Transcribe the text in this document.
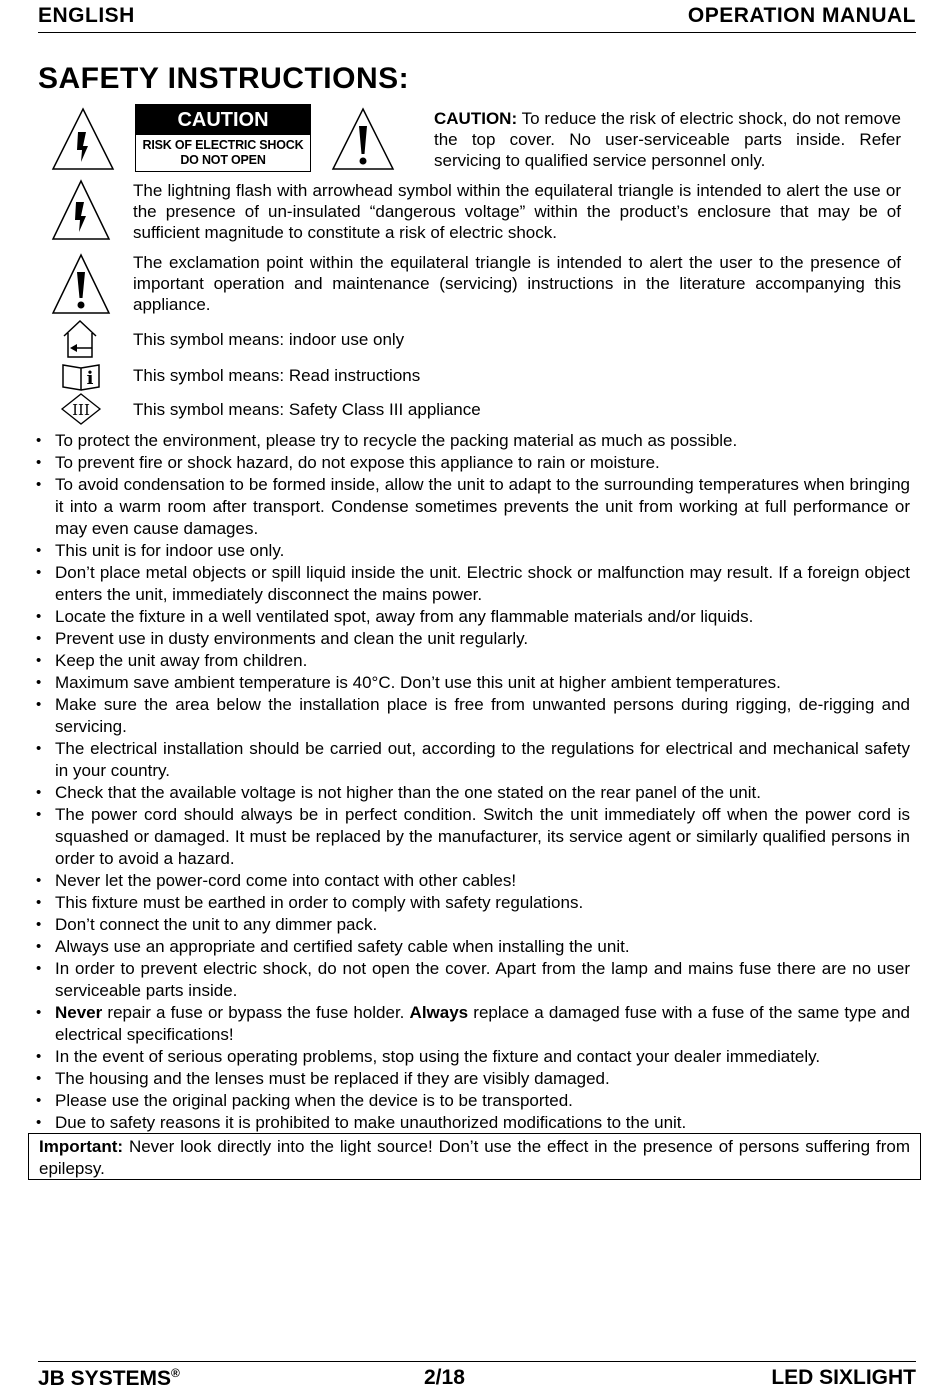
ENGLISH	OPERATION MANUAL
SAFETY INSTRUCTIONS:
CAUTION
RISK OF ELECTRIC SHOCK
DO NOT OPEN
CAUTION: To reduce the risk of electric shock, do not remove the top cover. No user-serviceable parts inside. Refer servicing to qualified service personnel only.
The lightning flash with arrowhead symbol within the equilateral triangle is intended to alert the use or the presence of un-insulated “dangerous voltage” within the product’s enclosure that may be of sufficient magnitude to constitute a risk of electric shock.
The exclamation point within the equilateral triangle is intended to alert the user to the presence of important operation and maintenance (servicing) instructions in the literature accompanying this appliance.
This symbol means: indoor use only
i This symbol means: Read instructions
III	This symbol means: Safety Class III appliance
• To protect the environment, please try to recycle the packing material as much as possible.
• To prevent fire or shock hazard, do not expose this appliance to rain or moisture.
• To avoid condensation to be formed inside, allow the unit to adapt to the surrounding temperatures when bringing it into a warm room after transport. Condense sometimes prevents the unit from working at full performance or may even cause damages.
• This unit is for indoor use only.
• Don’t place metal objects or spill liquid inside the unit. Electric shock or malfunction may result. If a foreign object enters the unit, immediately disconnect the mains power.
• Locate the fixture in a well ventilated spot, away from any flammable materials and/or liquids.
• Prevent use in dusty environments and clean the unit regularly.
• Keep the unit away from children.
• Maximum save ambient temperature is 40°C. Don’t use this unit at higher ambient temperatures.
• Make sure the area below the installation place is free from unwanted persons during rigging, de-rigging and servicing.
• The electrical installation should be carried out, according to the regulations for electrical and mechanical safety in your country.
• Check that the available voltage is not higher than the one stated on the rear panel of the unit.
• The power cord should always be in perfect condition. Switch the unit immediately off when the power cord is squashed or damaged. It must be replaced by the manufacturer, its service agent or similarly qualified persons in order to avoid a hazard.
• Never let the power-cord come into contact with other cables!
• This fixture must be earthed in order to comply with safety regulations.
• Don’t connect the unit to any dimmer pack.
• Always use an appropriate and certified safety cable when installing the unit.
• In order to prevent electric shock, do not open the cover. Apart from the lamp and mains fuse there are no user serviceable parts inside.
• Never repair a fuse or bypass the fuse holder. Always replace a damaged fuse with a fuse of the same type and electrical specifications!
• In the event of serious operating problems, stop using the fixture and contact your dealer immediately.
• The housing and the lenses must be replaced if they are visibly damaged.
• Please use the original packing when the device is to be transported.
• Due to safety reasons it is prohibited to make unauthorized modifications to the unit.
Important: Never look directly into the light source! Don’t use the effect in the presence of persons suffering from epilepsy.
JB SYSTEMS®	2/18	LED SIXLIGHT
